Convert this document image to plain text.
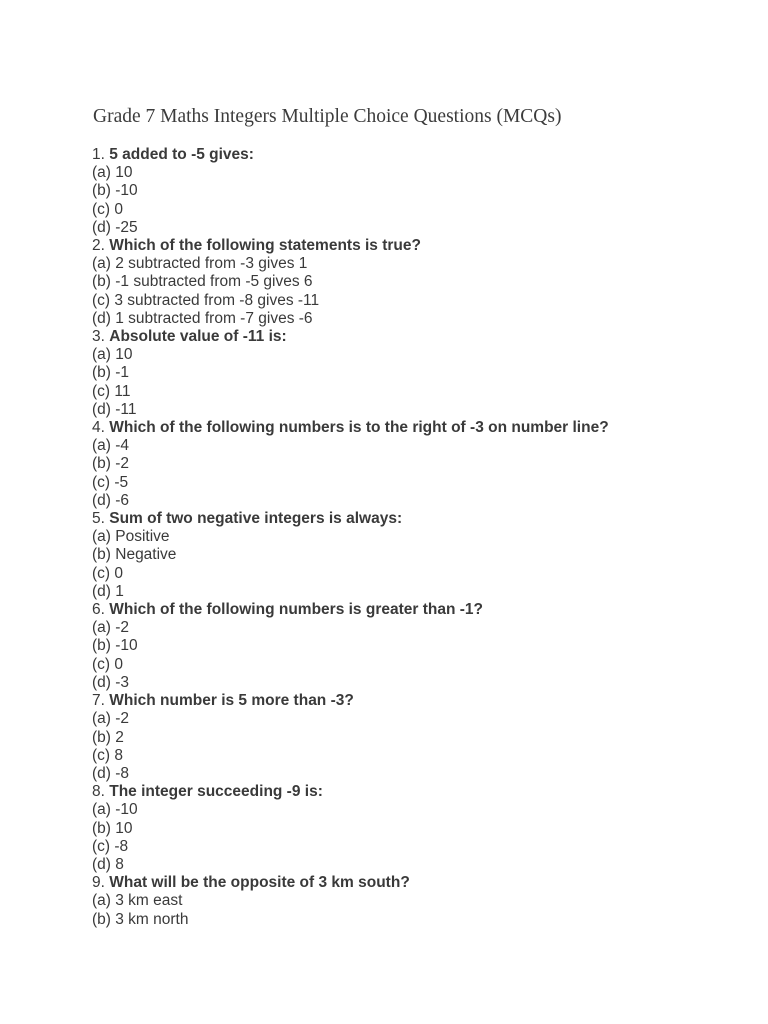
Grade 7 Maths Integers Multiple Choice Questions (MCQs)
1. 5 added to -5 gives:
(a) 10
(b) -10
(c) 0
(d) -25
2. Which of the following statements is true?
(a) 2 subtracted from -3 gives 1
(b) -1 subtracted from -5 gives 6
(c) 3 subtracted from -8 gives -11
(d) 1 subtracted from -7 gives -6
3. Absolute value of -11 is:
(a) 10
(b) -1
(c) 11
(d) -11
4. Which of the following numbers is to the right of -3 on number line?
(a) -4
(b) -2
(c) -5
(d) -6
5. Sum of two negative integers is always:
(a) Positive
(b) Negative
(c) 0
(d) 1
6. Which of the following numbers is greater than -1?
(a) -2
(b) -10
(c) 0
(d) -3
7. Which number is 5 more than -3?
(a) -2
(b) 2
(c) 8
(d) -8
8. The integer succeeding -9 is:
(a) -10
(b) 10
(c) -8
(d) 8
9. What will be the opposite of 3 km south?
(a) 3 km east
(b) 3 km north
